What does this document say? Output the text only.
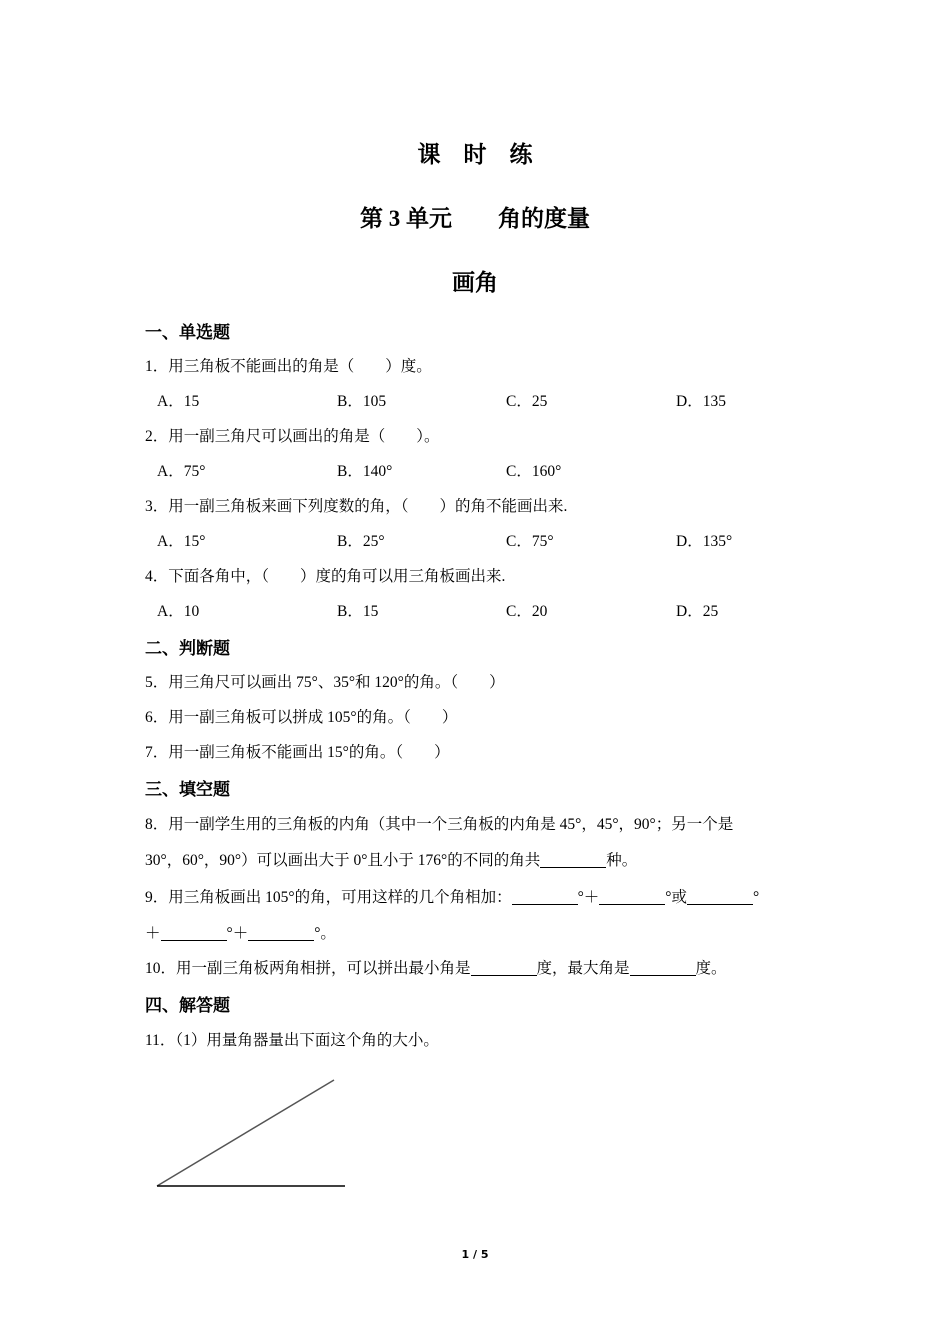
课　时　练
第 3 单元　　角的度量
画角
一、单选题
1．用三角板不能画出的角是（　　）度。
A．15	B．105	C．25	D．135
2．用一副三角尺可以画出的角是（　　）。
A．75°	B．140°	C．160°
3．用一副三角板来画下列度数的角，（　　）的角不能画出来.
A．15°	B．25°	C．75°	D．135°
4．下面各角中，（　　）度的角可以用三角板画出来.
A．10	B．15	C．20	D．25
二、判断题
5．用三角尺可以画出 75°、35°和 120°的角。（　　）
6．用一副三角板可以拼成 105°的角。（　　）
7．用一副三角板不能画出 15°的角。（　　）
三、填空题
8．用一副学生用的三角板的内角（其中一个三角板的内角是 45°，45°，90°；另一个是
30°，60°，90°）可以画出大于 0°且小于 176°的不同的角共	种。
9．用三角板画出 105°的角，可用这样的几个角相加：	°＋	°或	°
＋	°＋	°。
10．用一副三角板两角相拼，可以拼出最小角是	度，最大角是	度。
四、解答题
11．（1）用量角器量出下面这个角的大小。
1 / 5
